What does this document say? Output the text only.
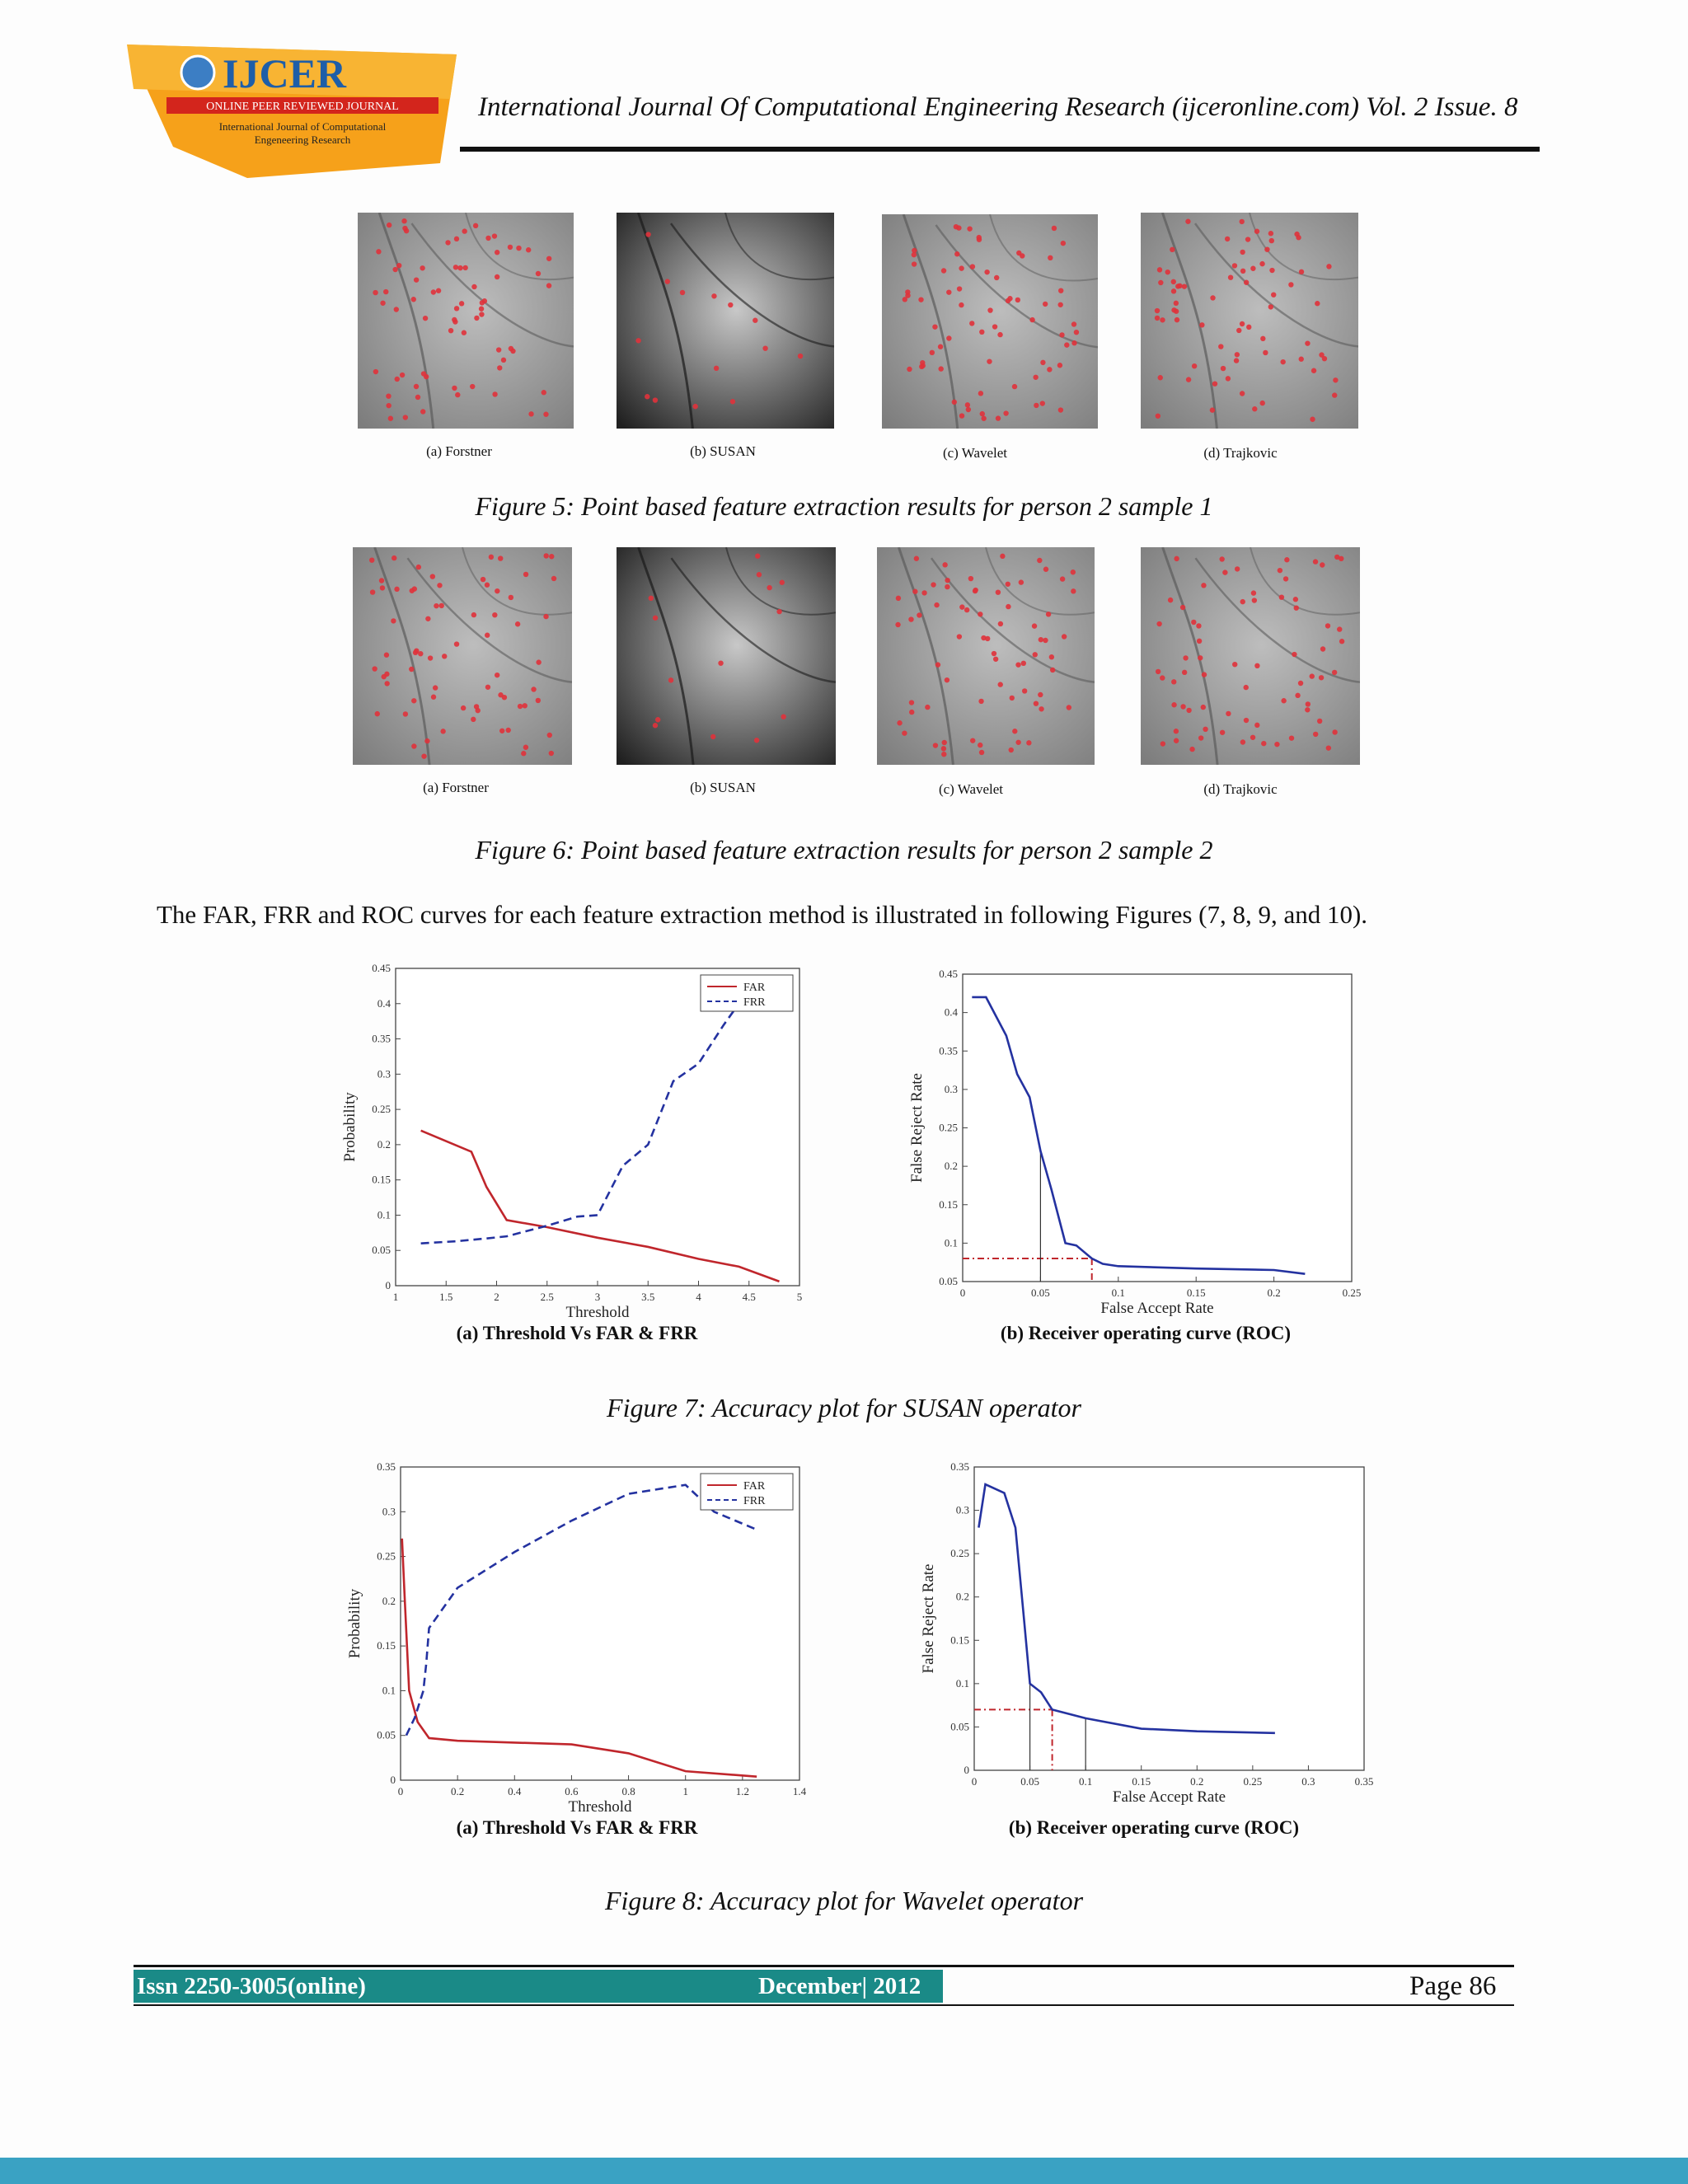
IJCER
ONLINE PEER REVIEWED JOURNAL
International Journal of Computational
Engeneering Research
International Journal Of Computational Engineering Research (ijceronline.com) Vol. 2 Issue. 8
(a) Forstner	(b) SUSAN	(c) Wavelet	(d) Trajkovic
Figure 5: Point based feature extraction results for person 2 sample 1
(a) Forstner	(b) SUSAN	(c) Wavelet	(d) Trajkovic
Figure 6: Point based feature extraction results for person 2 sample 2
The FAR, FRR and ROC curves for each feature extraction method is illustrated in following Figures (7, 8, 9, and 10).
1	1.5	2	2.5	3	3.5	4	4.5	5
0
0.05
0.1
0.15
0.2
0.25
0.3
0.35
0.4
0.45
Threshold
Probability
FAR
FRR
(a) Threshold Vs FAR & FRR
0	0.05	0.1	0.15	0.2	0.25
0.05
0.1
0.15
0.2
0.25
0.3
0.35
0.4
0.45
False Accept Rate
False Reject Rate
(b) Receiver operating curve (ROC)
Figure 7: Accuracy plot for SUSAN operator
0	0.2	0.4	0.6	0.8	1	1.2	1.4
0
0.05
0.1
0.15
0.2
0.25
0.3
0.35
Threshold
Probability
FAR
FRR
(a) Threshold Vs FAR & FRR
0	0.05	0.1	0.15	0.2	0.25	0.3	0.35
0
0.05
0.1
0.15
0.2
0.25
0.3
0.35
False Accept Rate
False Reject Rate
(b) Receiver operating curve (ROC)
Figure 8: Accuracy plot for Wavelet operator
Issn 2250-3005(online)	December| 2012	Page 86
